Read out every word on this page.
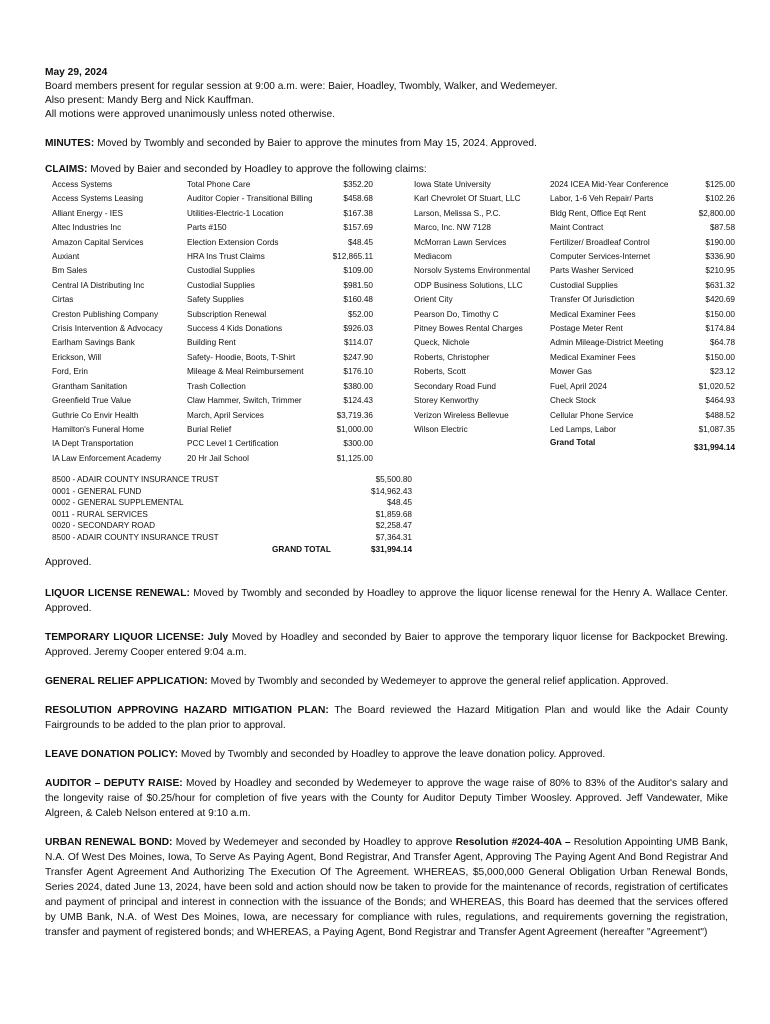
May 29, 2024
Board members present for regular session at 9:00 a.m. were: Baier, Hoadley, Twombly, Walker, and Wedemeyer.
Also present: Mandy Berg and Nick Kauffman.
All motions were approved unanimously unless noted otherwise.
MINUTES: Moved by Twombly and seconded by Baier to approve the minutes from May 15, 2024. Approved.
CLAIMS: Moved by Baier and seconded by Hoadley to approve the following claims:
Access Systems
Access Systems Leasing
Alliant Energy - IES
Altec Industries Inc
Amazon Capital Services
Auxiant
Bm Sales
Central IA Distributing Inc
Cirtas
Creston Publishing Company
Crisis Intervention & Advocacy
Earlham Savings Bank
Erickson, Will
Ford, Erin
Grantham Sanitation
Greenfield True Value
Guthrie Co Envir Health
Hamilton's Funeral Home
IA Dept Transportation
IA Law Enforcement Academy
Total Phone Care
Auditor Copier - Transitional Billing
Utilities-Electric-1 Location
Parts #150
Election Extension Cords
HRA Ins Trust Claims
Custodial Supplies
Custodial Supplies
Safety Supplies
Subscription Renewal
Success 4 Kids Donations
Building Rent
Safety- Hoodie, Boots, T-Shirt
Mileage & Meal Reimbursement
Trash Collection
Claw Hammer, Switch, Trimmer
March, April Services
Burial Relief
PCC Level 1 Certification
20 Hr Jail School
$352.20
$458.68
$167.38
$157.69
$48.45
$12,865.11
$109.00
$981.50
$160.48
$52.00
$926.03
$114.07
$247.90
$176.10
$380.00
$124.43
$3,719.36
$1,000.00
$300.00
$1,125.00
Iowa State University
Karl Chevrolet Of Stuart, LLC
Larson, Melissa S., P.C.
Marco, Inc. NW 7128
McMorran Lawn Services
Mediacom
Norsolv Systems Environmental
ODP Business Solutions, LLC
Orient City
Pearson Do, Timothy C
Pitney Bowes Rental Charges
Queck, Nichole
Roberts, Christopher
Roberts, Scott
Secondary Road Fund
Storey Kenworthy
Verizon Wireless Bellevue
Wilson Electric
2024 ICEA Mid-Year Conference
Labor, 1-6 Veh Repair/ Parts
Bldg Rent, Office Eqt Rent
Maint Contract
Fertilizer/ Broadleaf Control
Computer Services-Internet
Parts Washer Serviced
Custodial Supplies
Transfer Of Jurisdiction
Medical Examiner Fees
Postage Meter Rent
Admin Mileage-District Meeting
Medical Examiner Fees
Mower Gas
Fuel, April 2024
Check Stock
Cellular Phone Service
Led Lamps, Labor
$125.00
$102.26
$2,800.00
$87.58
$190.00
$336.90
$210.95
$631.32
$420.69
$150.00
$174.84
$64.78
$150.00
$23.12
$1,020.52
$464.93
$488.52
$1,087.35
Grand Total
$31,994.14
8500 - ADAIR COUNTY INSURANCE TRUST
0001 - GENERAL FUND
0002 - GENERAL SUPPLEMENTAL
0011 - RURAL SERVICES
0020 - SECONDARY ROAD
8500 - ADAIR COUNTY INSURANCE TRUST
$5,500.80
$14,962.43
$48.45
$1,859.68
$2,258.47
$7,364.31
GRAND TOTAL	$31,994.14
Approved.
LIQUOR LICENSE RENEWAL: Moved by Twombly and seconded by Hoadley to approve the liquor license renewal for the Henry A. Wallace Center. Approved.
TEMPORARY LIQUOR LICENSE: July Moved by Hoadley and seconded by Baier to approve the temporary liquor license for Backpocket Brewing. Approved. Jeremy Cooper entered 9:04 a.m.
GENERAL RELIEF APPLICATION: Moved by Twombly and seconded by Wedemeyer to approve the general relief application. Approved.
RESOLUTION APPROVING HAZARD MITIGATION PLAN: The Board reviewed the Hazard Mitigation Plan and would like the Adair County Fairgrounds to be added to the plan prior to approval.
LEAVE DONATION POLICY: Moved by Twombly and seconded by Hoadley to approve the leave donation policy. Approved.
AUDITOR – DEPUTY RAISE: Moved by Hoadley and seconded by Wedemeyer to approve the wage raise of 80% to 83% of the Auditor's salary and the longevity raise of $0.25/hour for completion of five years with the County for Auditor Deputy Timber Woosley. Approved. Jeff Vandewater, Mike Algreen, & Caleb Nelson entered at 9:10 a.m.
URBAN RENEWAL BOND: Moved by Wedemeyer and seconded by Hoadley to approve Resolution #2024-40A – Resolution Appointing UMB Bank, N.A. Of West Des Moines, Iowa, To Serve As Paying Agent, Bond Registrar, And Transfer Agent, Approving The Paying Agent And Bond Registrar And Transfer Agent Agreement And Authorizing The Execution Of The Agreement. WHEREAS, $5,000,000 General Obligation Urban Renewal Bonds, Series 2024, dated June 13, 2024, have been sold and action should now be taken to provide for the maintenance of records, registration of certificates and payment of principal and interest in connection with the issuance of the Bonds; and WHEREAS, this Board has deemed that the services offered by UMB Bank, N.A. of West Des Moines, Iowa, are necessary for compliance with rules, regulations, and requirements governing the registration, transfer and payment of registered bonds; and WHEREAS, a Paying Agent, Bond Registrar and Transfer Agent Agreement (hereafter "Agreement")
